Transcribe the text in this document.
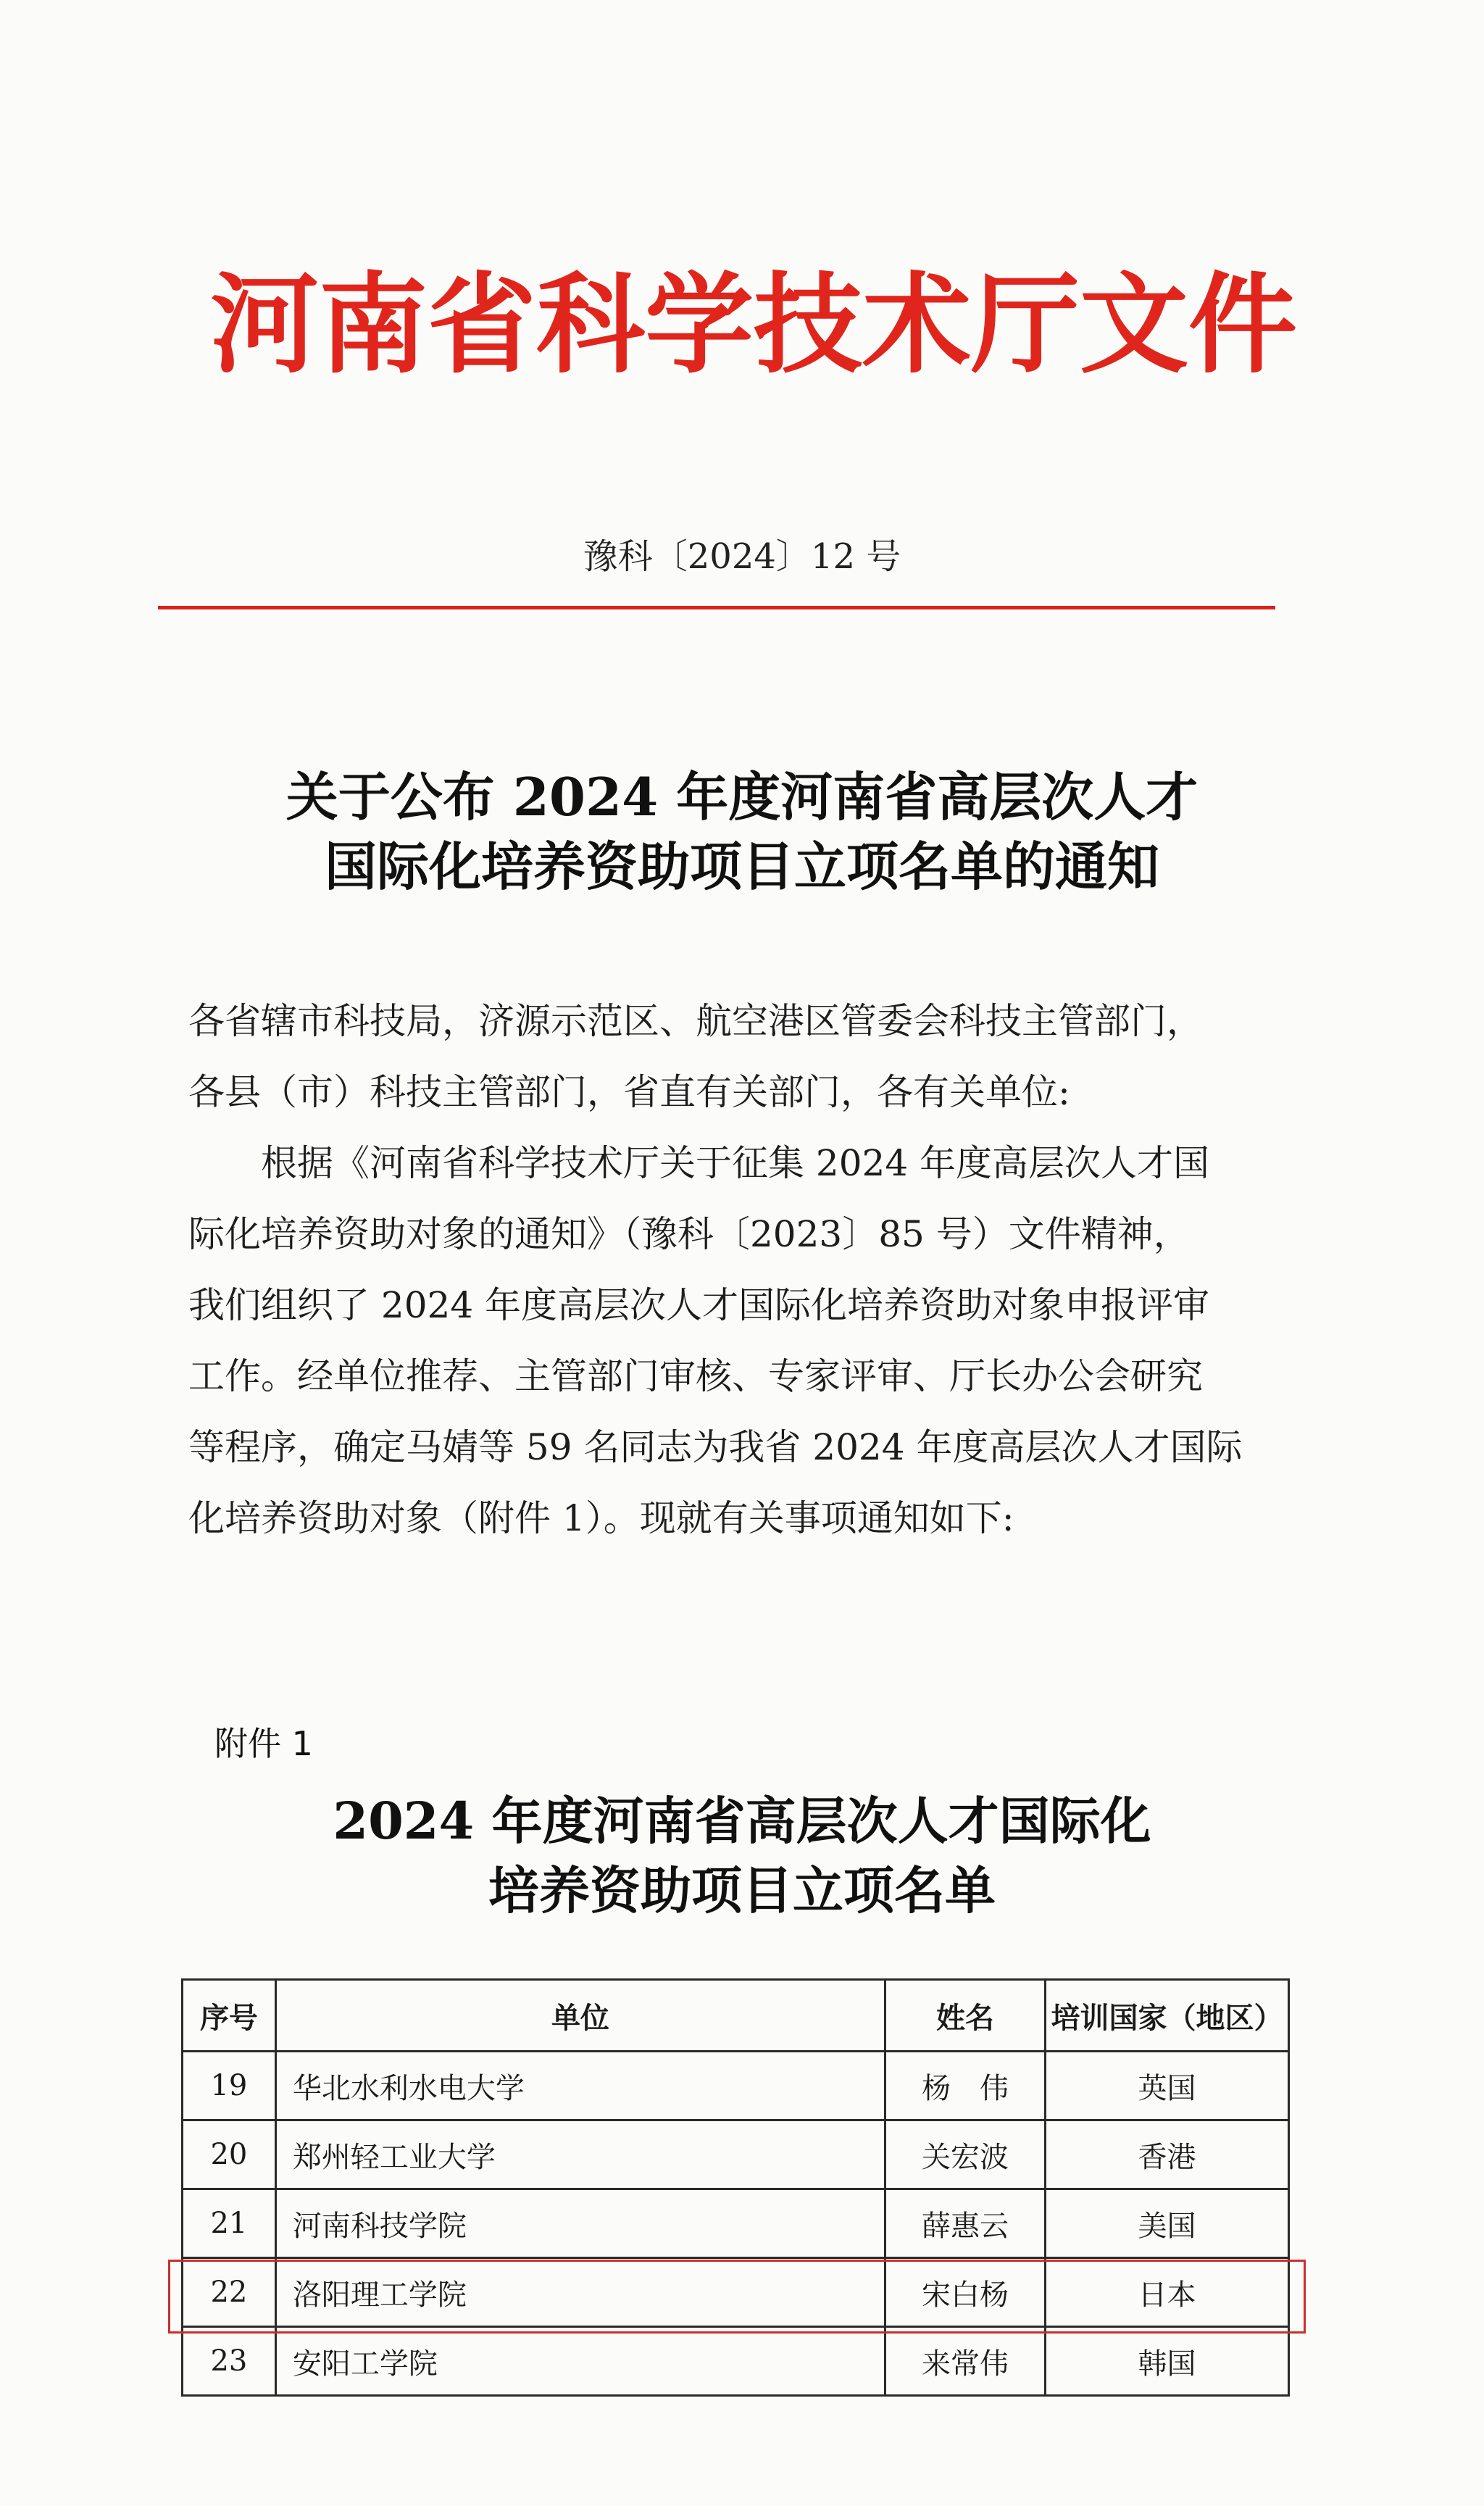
河南省科学技术厅文件
豫科〔2024〕12 号
关于公布 2024 年度河南省高层次人才
国际化培养资助项目立项名单的通知
各省辖市科技局，济源示范区、航空港区管委会科技主管部门，
各县（市）科技主管部门，省直有关部门，各有关单位:
根据《河南省科学技术厅关于征集 2024 年度高层次人才国
际化培养资助对象的通知》（豫科〔2023〕85 号）文件精神，
我们组织了 2024 年度高层次人才国际化培养资助对象申报评审
工作。经单位推荐、主管部门审核、专家评审、厅长办公会研究
等程序，确定马婧等 59 名同志为我省 2024 年度高层次人才国际
化培养资助对象（附件 1）。现就有关事项通知如下:
附件 1
2024 年度河南省高层次人才国际化
培养资助项目立项名单
序号	单位	姓名	培训国家（地区）
19	华北水利水电大学	杨　伟	英国
20	郑州轻工业大学	关宏波	香港
21	河南科技学院	薛惠云	美国
22	洛阳理工学院	宋白杨	日本
23	安阳工学院	来常伟	韩国
